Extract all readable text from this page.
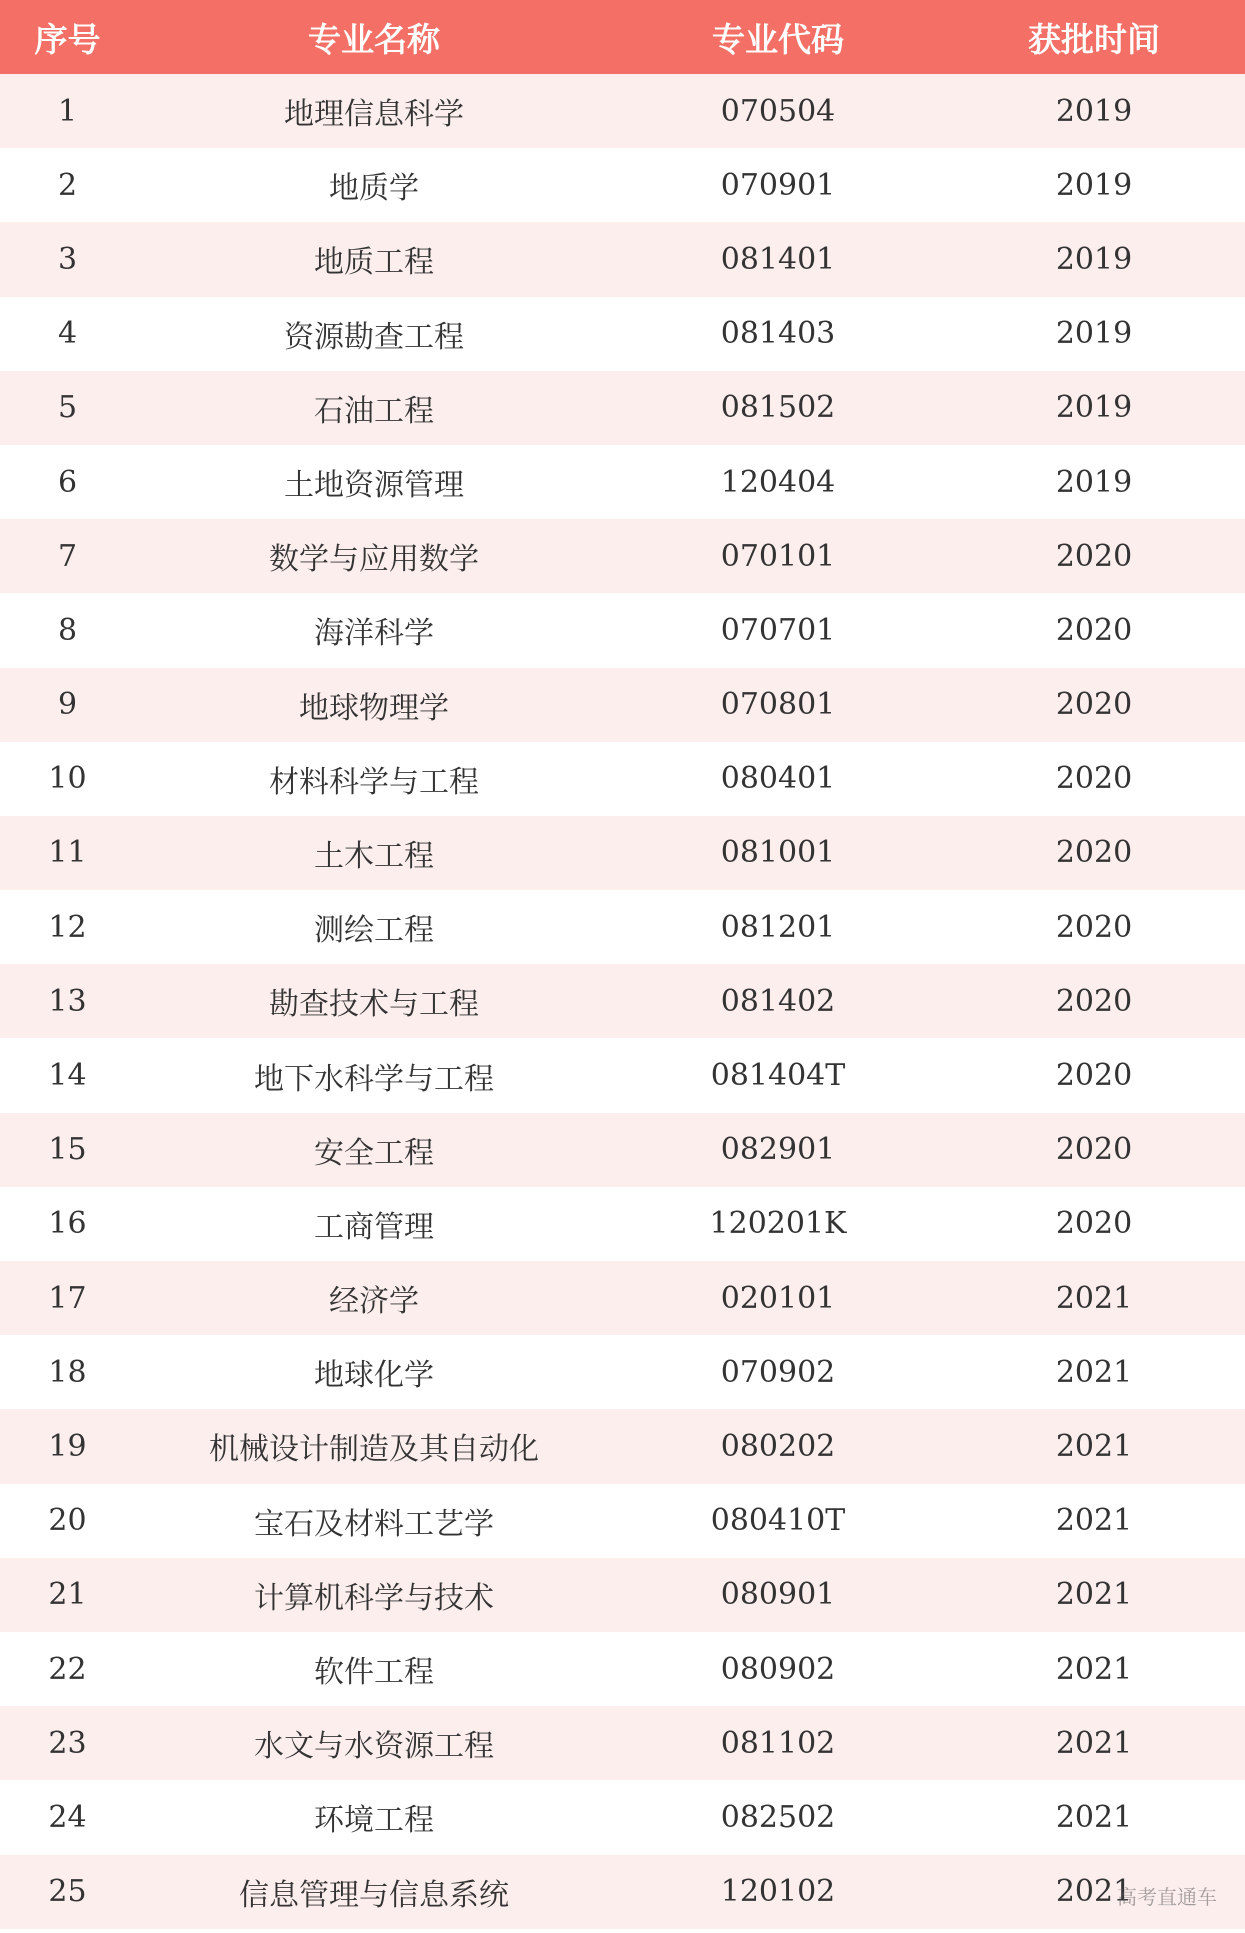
序号	专业名称	专业代码	获批时间
1	地理信息科学	070504	2019
2	地质学	070901	2019
3	地质工程	081401	2019
4	资源勘查工程	081403	2019
5	石油工程	081502	2019
6	土地资源管理	120404	2019
7	数学与应用数学	070101	2020
8	海洋科学	070701	2020
9	地球物理学	070801	2020
10	材料科学与工程	080401	2020
11	土木工程	081001	2020
12	测绘工程	081201	2020
13	勘查技术与工程	081402	2020
14	地下水科学与工程	081404T	2020
15	安全工程	082901	2020
16	工商管理	120201K	2020
17	经济学	020101	2021
18	地球化学	070902	2021
19	机械设计制造及其自动化	080202	2021
20	宝石及材料工艺学	080410T	2021
21	计算机科学与技术	080901	2021
22	软件工程	080902	2021
23	水文与水资源工程	081102	2021
24	环境工程	082502	2021
25	信息管理与信息系统	120102	2021
高考直通车
